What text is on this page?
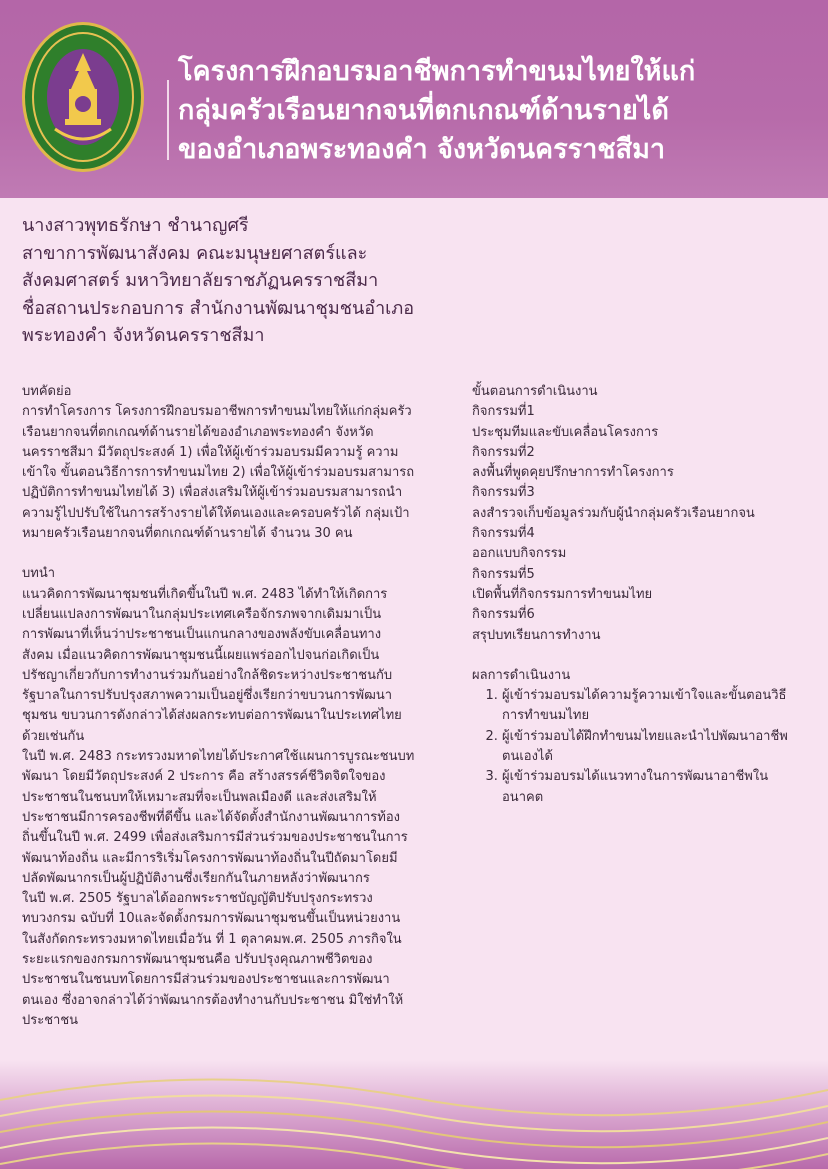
โครงการฝึกอบรมอาชีพการทำขนมไทยให้แก่
กลุ่มครัวเรือนยากจนที่ตกเกณฑ์ด้านรายได้
ของอำเภอพระทองคำ จังหวัดนครราชสีมา
นางสาวพุทธรักษา ชำนาญศรี
สาขาการพัฒนาสังคม คณะมนุษยศาสตร์และ
สังคมศาสตร์ มหาวิทยาลัยราชภัฏนครราชสีมา
ชื่อสถานประกอบการ สำนักงานพัฒนาชุมชนอำเภอ
พระทองคำ จังหวัดนครราชสีมา
บทคัดย่อ
การทำโครงการ โครงการฝึกอบรมอาชีพการทำขนมไทยให้แก่กลุ่มครัว
เรือนยากจนที่ตกเกณฑ์ด้านรายได้ของอำเภอพระทองคำ จังหวัด
นครราชสีมา มีวัตถุประสงค์ 1) เพื่อให้ผู้เข้าร่วมอบรมมีความรู้ ความ
เข้าใจ ขั้นตอนวิธีการการทำขนมไทย 2) เพื่อให้ผู้เข้าร่วมอบรมสามารถ
ปฏิบัติการทำขนมไทยได้ 3) เพื่อส่งเสริมให้ผู้เข้าร่วมอบรมสามารถนำ
ความรู้ไปปรับใช้ในการสร้างรายได้ให้ตนเองและครอบครัวได้ กลุ่มเป้า
หมายครัวเรือนยากจนที่ตกเกณฑ์ด้านรายได้ จำนวน 30 คน
บทนำ
แนวคิดการพัฒนาชุมชนที่เกิดขึ้นในปี พ.ศ. 2483 ได้ทำให้เกิดการ
เปลี่ยนแปลงการพัฒนาในกลุ่มประเทศเครือจักรภพจากเดิมมาเป็น
การพัฒนาที่เห็นว่าประชาชนเป็นแกนกลางของพลังขับเคลื่อนทาง
สังคม เมื่อแนวคิดการพัฒนาชุมชนนี้เผยแพร่ออกไปจนก่อเกิดเป็น
ปรัชญาเกี่ยวกับการทำงานร่วมกันอย่างใกล้ชิดระหว่างประชาชนกับ
รัฐบาลในการปรับปรุงสภาพความเป็นอยู่ซึ่งเรียกว่าขบวนการพัฒนา
ชุมชน ขบวนการดังกล่าวได้ส่งผลกระทบต่อการพัฒนาในประเทศไทย
ด้วยเช่นกัน
ในปี พ.ศ. 2483 กระทรวงมหาดไทยได้ประกาศใช้แผนการบูรณะชนบท
พัฒนา โดยมีวัตถุประสงค์ 2 ประการ คือ สร้างสรรค์ชีวิตจิตใจของ
ประชาชนในชนบทให้เหมาะสมที่จะเป็นพลเมืองดี และส่งเสริมให้
ประชาชนมีการครองชีพที่ดีขึ้น และได้จัดตั้งสำนักงานพัฒนาการท้อง
ถิ่นขึ้นในปี พ.ศ. 2499 เพื่อส่งเสริมการมีส่วนร่วมของประชาชนในการ
พัฒนาท้องถิ่น และมีการริเริ่มโครงการพัฒนาท้องถิ่นในปีถัดมาโดยมี
ปลัดพัฒนากรเป็นผู้ปฏิบัติงานซึ่งเรียกกันในภายหลังว่าพัฒนากร
ในปี พ.ศ. 2505 รัฐบาลได้ออกพระราชบัญญัติปรับปรุงกระทรวง
ทบวงกรม ฉบับที่ 10และจัดตั้งกรมการพัฒนาชุมชนขึ้นเป็นหน่วยงาน
ในสังกัดกระทรวงมหาดไทยเมื่อวัน ที่ 1 ตุลาคมพ.ศ. 2505 ภารกิจใน
ระยะแรกของกรมการพัฒนาชุมชนคือ ปรับปรุงคุณภาพชีวิตของ
ประชาชนในชนบทโดยการมีส่วนร่วมของประชาชนและการพัฒนา
ตนเอง ซึ่งอาจกล่าวได้ว่าพัฒนากรต้องทำงานกับประชาชน มิใช่ทำให้
ประชาชน
ขั้นตอนการดำเนินงาน
กิจกรรมที่1
ประชุมทีมและขับเคลื่อนโครงการ
กิจกรรมที่2
ลงพื้นที่พูดคุยปรึกษาการทำโครงการ
กิจกรรมที่3
ลงสำรวจเก็บข้อมูลร่วมกับผู้นำกลุ่มครัวเรือนยากจน
กิจกรรมที่4
ออกแบบกิจกรรม
กิจกรรมที่5
เปิดพื้นที่กิจกรรมการทำขนมไทย
กิจกรรมที่6
สรุปบทเรียนการทำงาน
ผลการดำเนินงาน
1. ผู้เข้าร่วมอบรมได้ความรู้ความเข้าใจและขั้นตอนวิธี
การทำขนมไทย
2. ผู้เข้าร่วมอบได้ฝึกทำขนมไทยและนำไปพัฒนาอาชีพ
ตนเองได้
3. ผู้เข้าร่วมอบรมได้แนวทางในการพัฒนาอาชีพใน
อนาคต
